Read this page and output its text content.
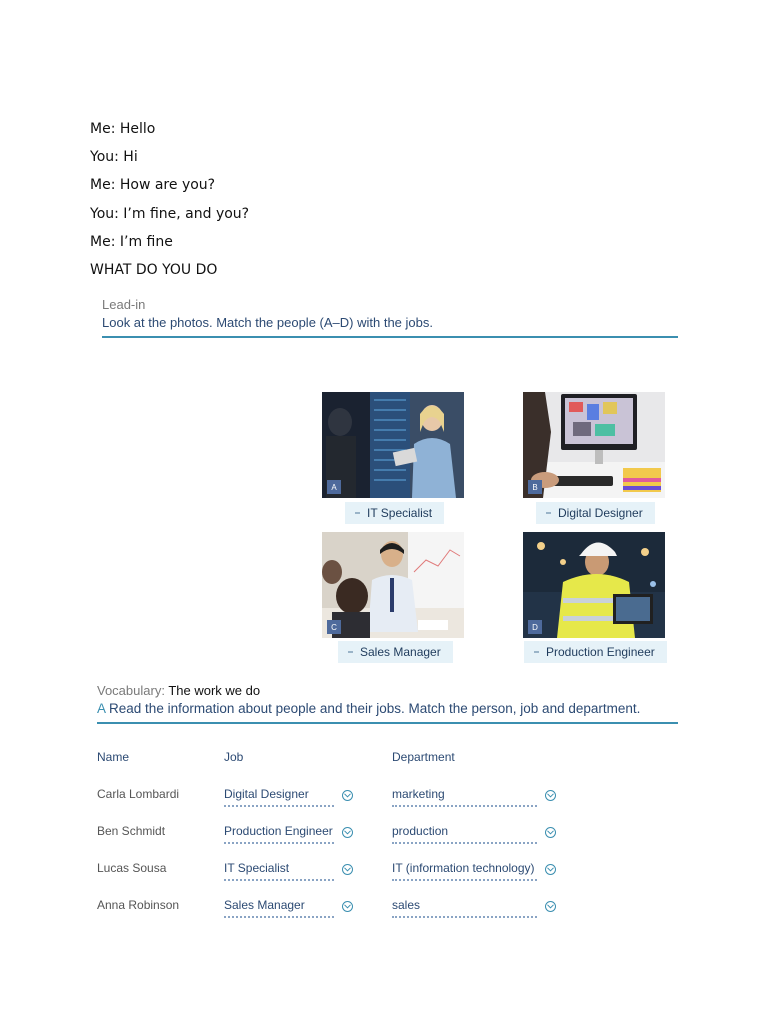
Me: Hello
You: Hi
Me: How are you?
You: I’m fine, and you?
Me: I’m fine
WHAT DO YOU DO
Lead-in
Look at the photos. Match the people (A–D) with the jobs.
A
IT Specialist
B
Digital Designer
C
Sales Manager
D
Production Engineer
Vocabulary: The work we do
A Read the information about people and their jobs. Match the person, job and department.
Name	Job	Department
Carla Lombardi	Digital Designer	marketing
Ben Schmidt	Production Engineer	production
Lucas Sousa	IT Specialist	IT (information technology)
Anna Robinson	Sales Manager	sales
